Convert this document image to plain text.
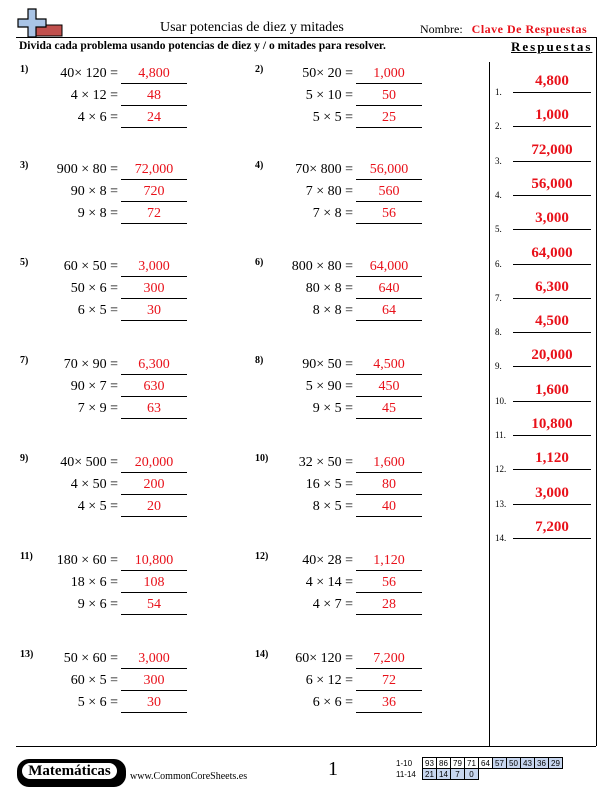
Usar potencias de diez y mitades	Nombre: Clave De Respuestas
Divida cada problema usando potencias de diez y / o mitades para resolver.	Respuestas
1) 40× 120 =	4,800
4 × 12 =	48
4 × 6 =	24
2)	50× 20 =	1,000
5 × 10 =	50
5 × 5 =	25
3) 900 × 80 =	72,000
90 × 8 =	720
9 × 8 =	72
4) 70× 800 =	56,000
7 × 80 =	560
7 × 8 =	56
5)	60 × 50 =	3,000
50 × 6 =	300
6 × 5 =	30
6) 800 × 80 =	64,000
80 × 8 =	640
8 × 8 =	64
7)	70 × 90 =	6,300
90 × 7 =	630
7 × 9 =	63
8)	90× 50 =	4,500
5 × 90 =	450
9 × 5 =	45
9) 40× 500 =	20,000
4 × 50 =	200
4 × 5 =	20
10) 32 × 50 =	1,600
16 × 5 =	80
8 × 5 =	40
11) 180 × 60 =	10,800
18 × 6 =	108
9 × 6 =	54
12) 40× 28 =	1,120
4 × 14 =	56
4 × 7 =	28
13) 50 × 60 =	3,000
60 × 5 =	300
5 × 6 =	30
14) 60× 120 =	7,200
6 × 12 =	72
6 × 6 =	36
1.
4,800
2.
1,000
3.
72,000
4.
56,000
5.
3,000
6.
64,000
7.
6,300
8.
4,500
9.
20,000
10.
1,600
11.
10,800
12.
1,120
13.
3,000
14.
7,200
Matemáticas	www.CommonCoreSheets.es	1	1-10	93	86	79	71	64	57	50	43	36	29
11-14	21	14	7	0						
